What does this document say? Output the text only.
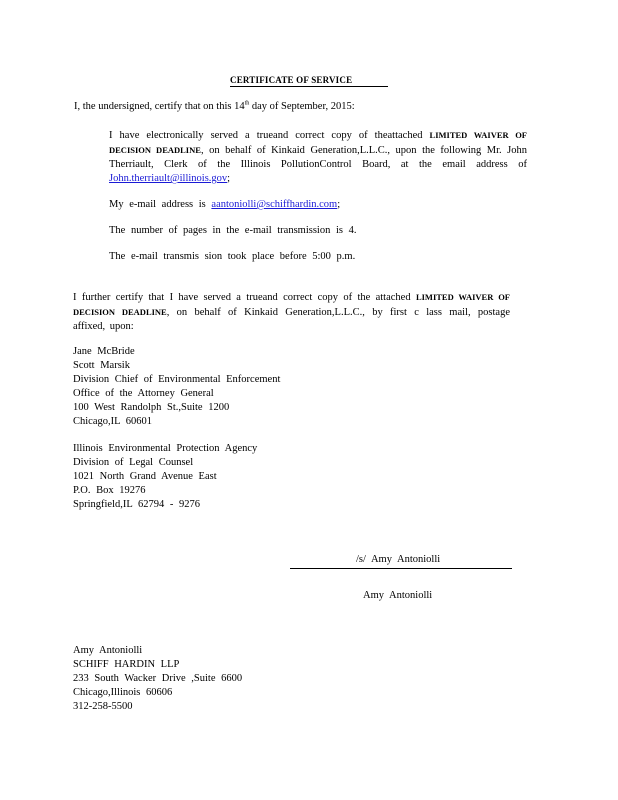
CERTIFICATE OF SERVICE
I, the undersigned, certify that on this 14th day of September, 2015:
I have electronically served a trueand correct copy of theattached LIMITED WAIVER OF DECISION DEADLINE, on behalf of Kinkaid Generation,L.L.C., upon the following Mr. John Therriault, Clerk of the Illinois PollutionControl Board, at the email address of John.therriault@illinois.gov;
My e-mail address is aantoniolli@schiffhardin.com;
The number of pages in the e-mail transmission is 4.
The e-mail transmis sion took place before 5:00 p.m.
I further certify that I have served a trueand correct copy of the attached LIMITED WAIVER OF DECISION DEADLINE, on behalf of Kinkaid Generation,L.L.C., by first c lass mail, postage affixed, upon:
Jane McBride
Scott Marsik
Division Chief of Environmental Enforcement
Office of the Attorney General
100 West Randolph St.,Suite 1200
Chicago,IL 60601
Illinois Environmental Protection Agency
Division of Legal Counsel
1021 North Grand Avenue East
P.O. Box 19276
Springfield,IL 62794 - 9276
/s/ Amy Antoniolli
Amy Antoniolli
Amy Antoniolli
SCHIFF HARDIN LLP
233 South Wacker Drive ,Suite 6600
Chicago,Illinois 60606
312-258-5500
